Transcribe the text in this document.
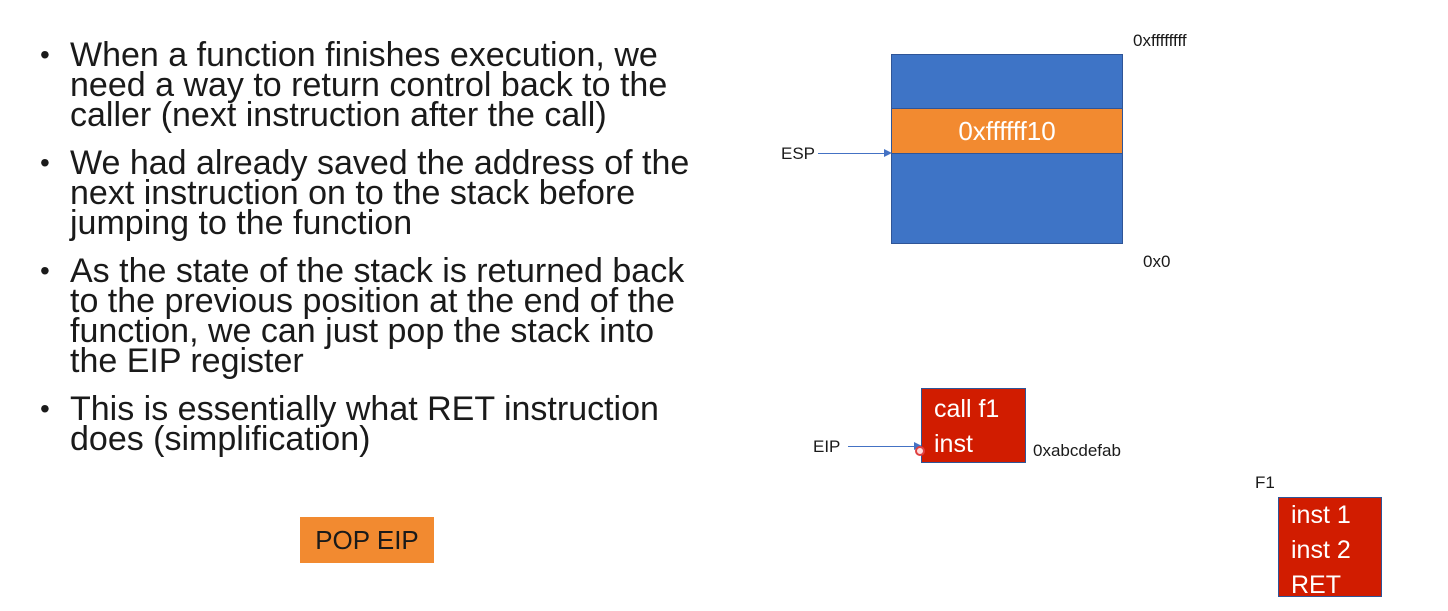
• When a function finishes execution, we need a way to return control back to the caller (next instruction after the call)
• We had already saved the address of the next instruction on to the stack before jumping to the function
• As the state of the stack is returned back to the previous position at the end of the function, we can just pop the stack into the EIP register
• This is essentially what RET instruction does (simplification)
POP EIP
0xffffffff
0xffffff10
0x0
ESP
EIP
call f1
inst	0xabcdefab
F1
inst 1
inst 2
RET
